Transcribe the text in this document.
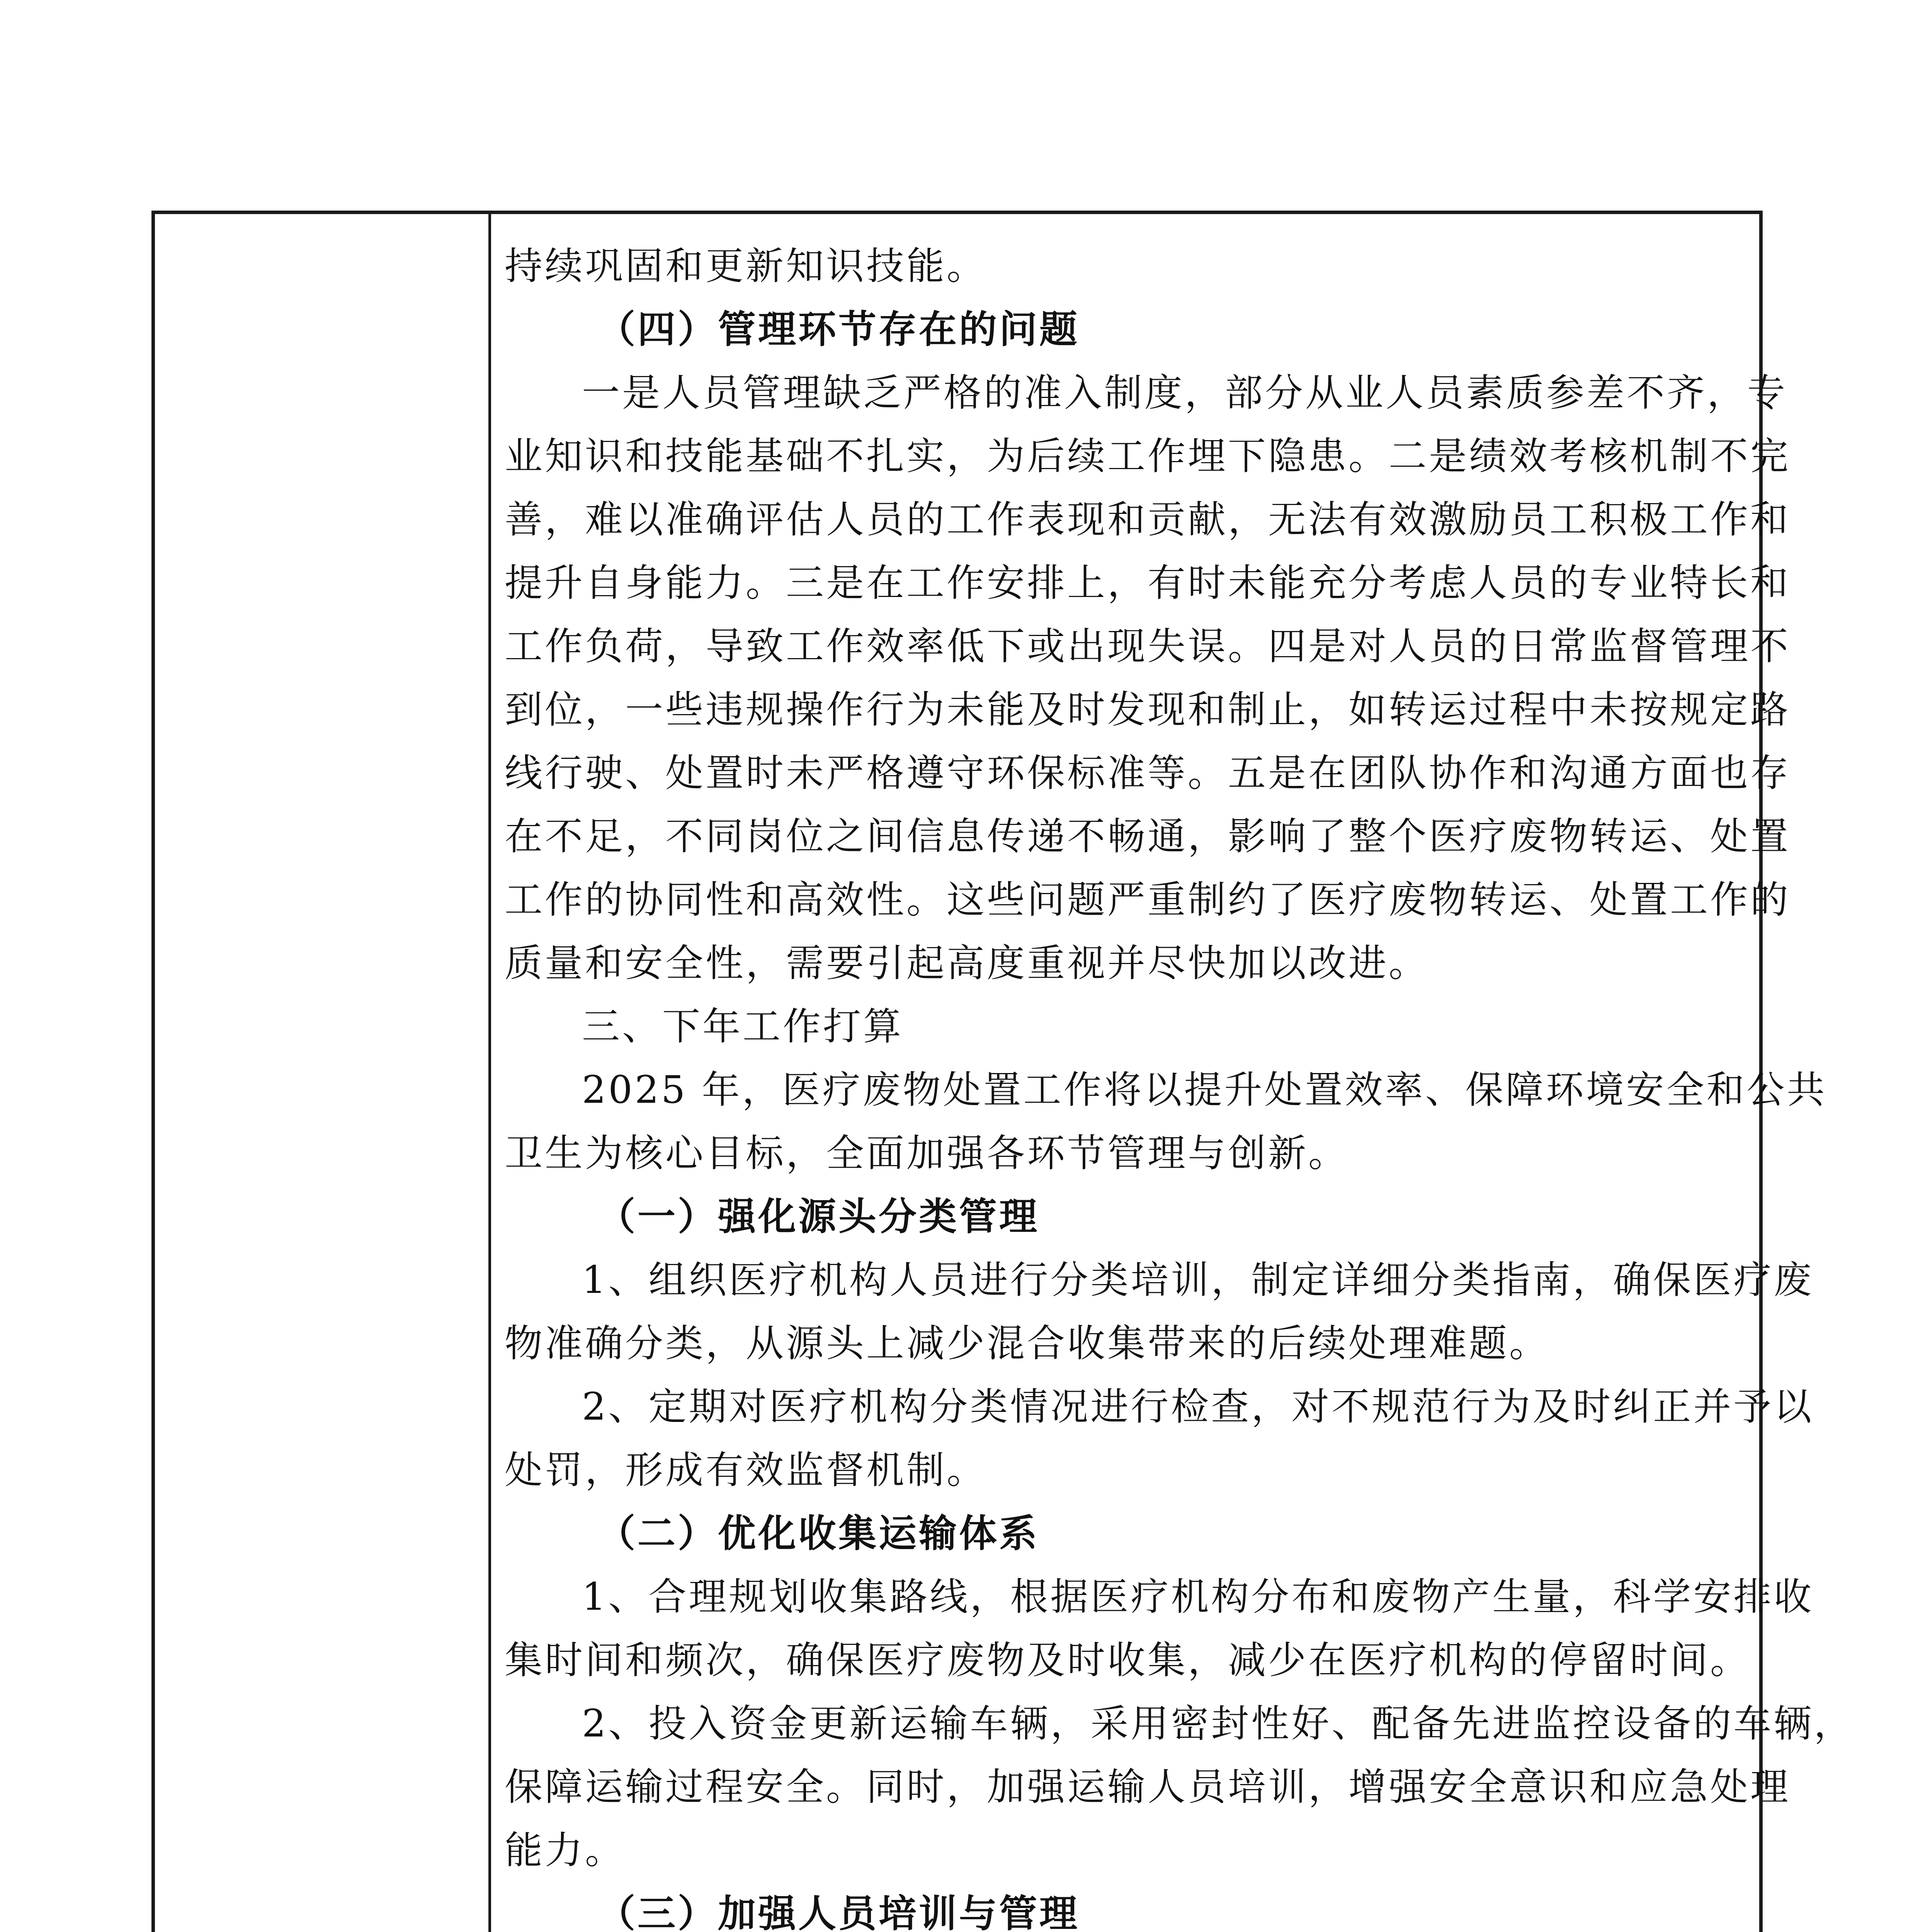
持续巩固和更新知识技能。
（四）管理环节存在的问题
一是人员管理缺乏严格的准入制度，部分从业人员素质参差不齐，专
业知识和技能基础不扎实，为后续工作埋下隐患。二是绩效考核机制不完
善，难以准确评估人员的工作表现和贡献，无法有效激励员工积极工作和
提升自身能力。三是在工作安排上，有时未能充分考虑人员的专业特长和
工作负荷，导致工作效率低下或出现失误。四是对人员的日常监督管理不
到位，一些违规操作行为未能及时发现和制止，如转运过程中未按规定路
线行驶、处置时未严格遵守环保标准等。五是在团队协作和沟通方面也存
在不足，不同岗位之间信息传递不畅通，影响了整个医疗废物转运、处置
工作的协同性和高效性。这些问题严重制约了医疗废物转运、处置工作的
质量和安全性，需要引起高度重视并尽快加以改进。
三、下年工作打算
2025 年，医疗废物处置工作将以提升处置效率、保障环境安全和公共
卫生为核心目标，全面加强各环节管理与创新。
（一）强化源头分类管理
1、组织医疗机构人员进行分类培训，制定详细分类指南，确保医疗废
物准确分类，从源头上减少混合收集带来的后续处理难题。
2、定期对医疗机构分类情况进行检查，对不规范行为及时纠正并予以
处罚，形成有效监督机制。
（二）优化收集运输体系
1、合理规划收集路线，根据医疗机构分布和废物产生量，科学安排收
集时间和频次，确保医疗废物及时收集，减少在医疗机构的停留时间。
2、投入资金更新运输车辆，采用密封性好、配备先进监控设备的车辆，
保障运输过程安全。同时，加强运输人员培训，增强安全意识和应急处理
能力。
（三）加强人员培训与管理
